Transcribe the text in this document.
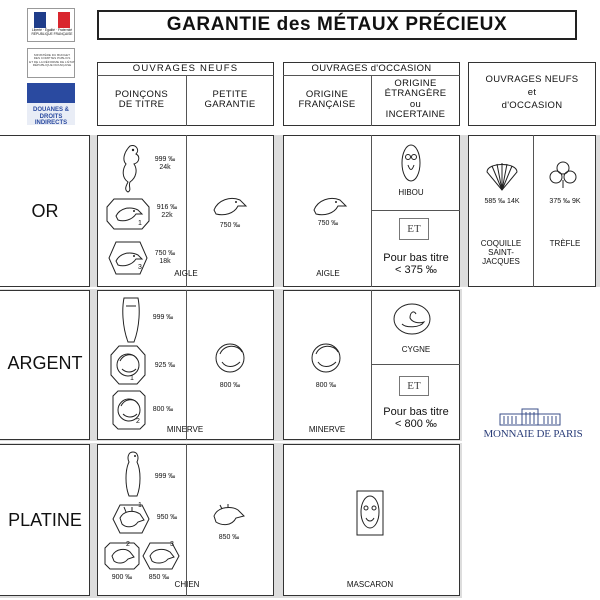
Liberté · Égalité · Fraternité
RÉPUBLIQUE FRANÇAISE
MINISTÈRE DU BUDGET
DES COMPTES PUBLICS
ET DE LA RÉFORME DE L'ÉTAT
RÉPUBLIQUE FRANÇAISE
DOUANES & DROITS INDIRECTS
GARANTIE des MÉTAUX PRÉCIEUX
OUVRAGES NEUFS
POINÇONS
DE TITRE
PETITE
GARANTIE
OUVRAGES d'OCCASION
ORIGINE
FRANÇAISE
ORIGINE
ÉTRANGÈRE
ou
INCERTAINE
OUVRAGES NEUFS
et
d'OCCASION
OR
999 ‰
24k
1
916 ‰
22k
3
750 ‰
18k
AIGLE
750 ‰	750 ‰
AIGLE
HIBOU
ET
Pour bas titre
< 375 ‰
585 ‰ 14K
COQUILLE
SAINT-JACQUES
375 ‰ 9K
TRÈFLE
ARGENT
999 ‰
1
925 ‰
2
800 ‰
MINERVE
800 ‰	800 ‰
MINERVE
CYGNE
ET
Pour bas titre
< 800 ‰
MONNAIE DE PARIS
PLATINE
999 ‰
1
950 ‰
2
900 ‰
3
850 ‰
CHIEN
850 ‰
MASCARON
